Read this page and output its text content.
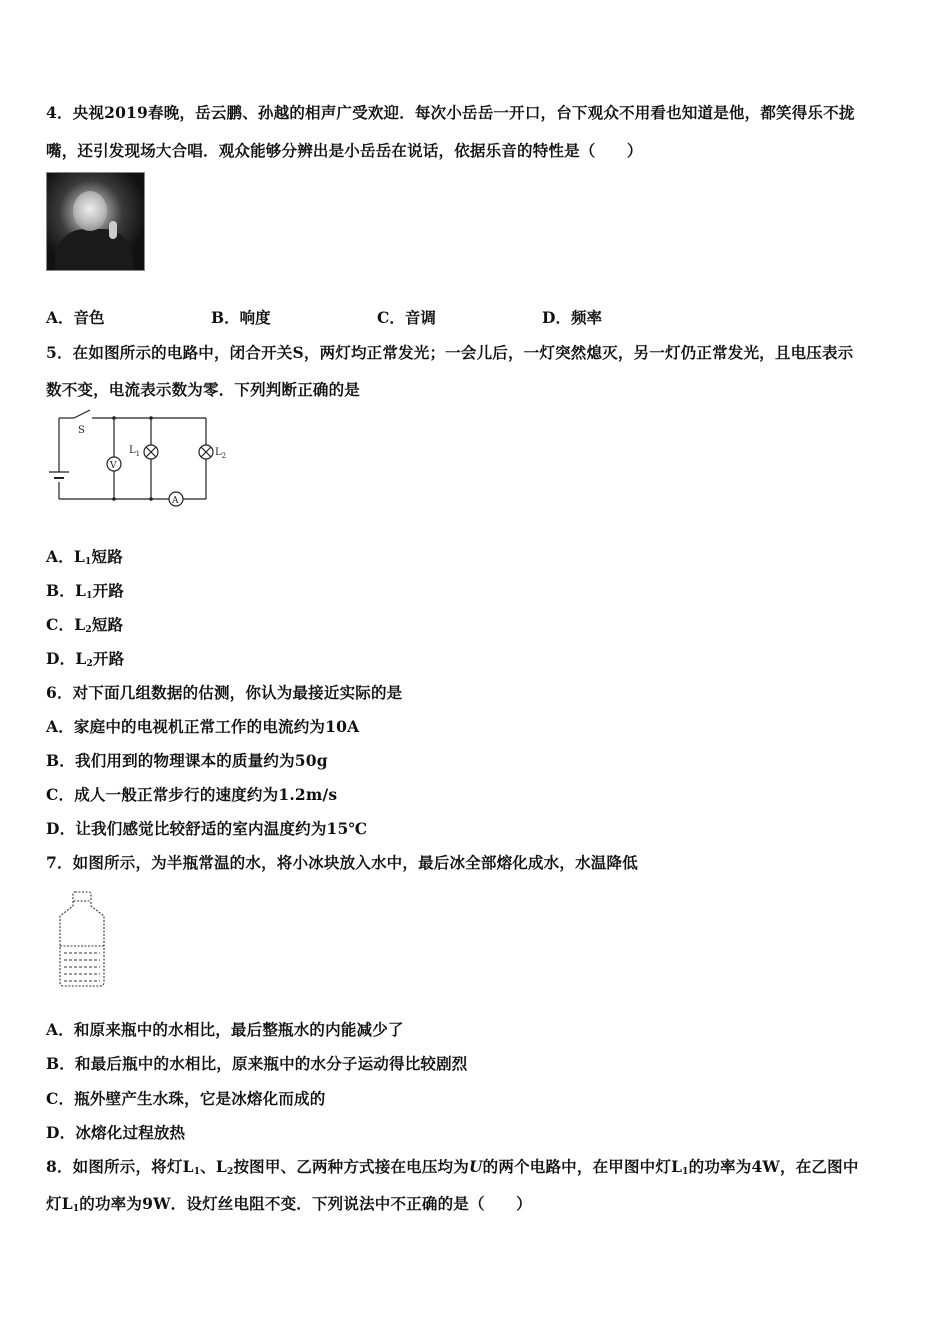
4．央视2019春晚，岳云鹏、孙越的相声广受欢迎．每次小岳岳一开口，台下观众不用看也知道是他，都笑得乐不拢
嘴，还引发现场大合唱．观众能够分辨出是小岳岳在说话，依据乐音的特性是（　　）
A．音色	B．响度	C．音调	D．频率
5．在如图所示的电路中，闭合开关S，两灯均正常发光；一会儿后，一灯突然熄灭，另一灯仍正常发光，且电压表示
数不变，电流表示数为零．下列判断正确的是
S
V
A
$L_1$	$L_2$
A．$L_1$短路
B．$L_1$开路
C．$L_2$短路
D．$L_2$开路
6．对下面几组数据的估测，你认为最接近实际的是
A．家庭中的电视机正常工作的电流约为10A
B．我们用到的物理课本的质量约为50g
C．成人一般正常步行的速度约为1.2m/s
D．让我们感觉比较舒适的室内温度约为15℃
7．如图所示，为半瓶常温的水，将小冰块放入水中，最后冰全部熔化成水，水温降低
A．和原来瓶中的水相比，最后整瓶水的内能减少了
B．和最后瓶中的水相比，原来瓶中的水分子运动得比较剧烈
C．瓶外壁产生水珠，它是冰熔化而成的
D．冰熔化过程放热
8．如图所示，将灯$L_1$、$L_2$按图甲、乙两种方式接在电压均为U的两个电路中，在甲图中灯$L_1$的功率为4W，在乙图中
灯$L_1$的功率为9W．设灯丝电阻不变．下列说法中不正确的是（　　）
